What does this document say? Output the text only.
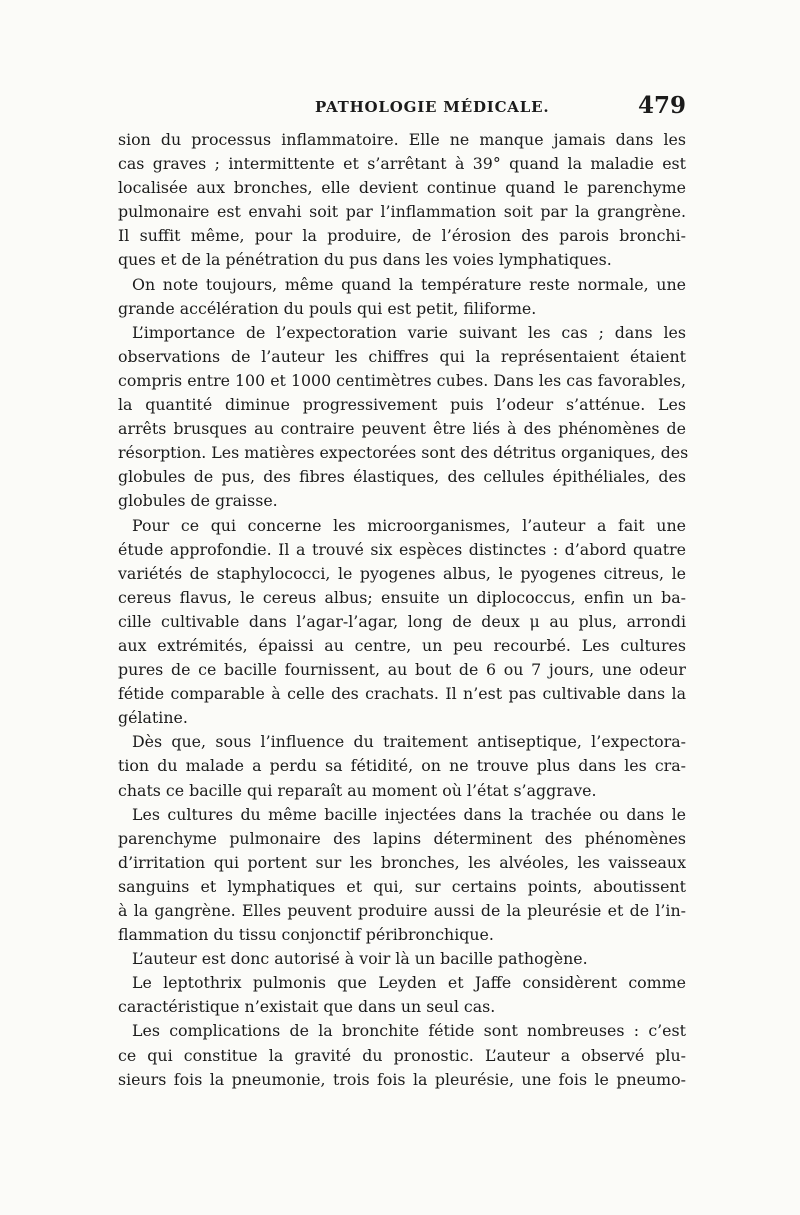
PATHOLOGIE MÉDICALE.	479
sion du processus inflammatoire. Elle ne manque jamais dans les
cas graves ; intermittente et s’arrêtant à 39° quand la maladie est
localisée aux bronches, elle devient continue quand le parenchyme
pulmonaire est envahi soit par l’inflammation soit par la grangrène.
Il suffit même, pour la produire, de l’érosion des parois bronchi-
ques et de la pénétration du pus dans les voies lymphatiques.
On note toujours, même quand la température reste normale, une
grande accélération du pouls qui est petit, filiforme.
L’importance de l’expectoration varie suivant les cas ; dans les
observations de l’auteur les chiffres qui la représentaient étaient
compris entre 100 et 1000 centimètres cubes. Dans les cas favorables,
la quantité diminue progressivement puis l’odeur s’atténue. Les
arrêts brusques au contraire peuvent être liés à des phénomènes de
résorption. Les matières expectorées sont des détritus organiques, des
globules de pus, des fibres élastiques, des cellules épithéliales, des
globules de graisse.
Pour ce qui concerne les microorganismes, l’auteur a fait une
étude approfondie. Il a trouvé six espèces distinctes : d’abord quatre
variétés de staphylococci, le pyogenes albus, le pyogenes citreus, le
cereus flavus, le cereus albus; ensuite un diplococcus, enfin un ba-
cille cultivable dans l’agar-l’agar, long de deux μ au plus, arrondi
aux extrémités, épaissi au centre, un peu recourbé. Les cultures
pures de ce bacille fournissent, au bout de 6 ou 7 jours, une odeur
fétide comparable à celle des crachats. Il n’est pas cultivable dans la
gélatine.
Dès que, sous l’influence du traitement antiseptique, l’expectora-
tion du malade a perdu sa fétidité, on ne trouve plus dans les cra-
chats ce bacille qui reparaît au moment où l’état s’aggrave.
Les cultures du même bacille injectées dans la trachée ou dans le
parenchyme pulmonaire des lapins déterminent des phénomènes
d’irritation qui portent sur les bronches, les alvéoles, les vaisseaux
sanguins et lymphatiques et qui, sur certains points, aboutissent
à la gangrène. Elles peuvent produire aussi de la pleurésie et de l’in-
flammation du tissu conjonctif péribronchique.
L’auteur est donc autorisé à voir là un bacille pathogène.
Le leptothrix pulmonis que Leyden et Jaffe considèrent comme
caractéristique n’existait que dans un seul cas.
Les complications de la bronchite fétide sont nombreuses : c’est
ce qui constitue la gravité du pronostic. L’auteur a observé plu-
sieurs fois la pneumonie, trois fois la pleurésie, une fois le pneumo-
